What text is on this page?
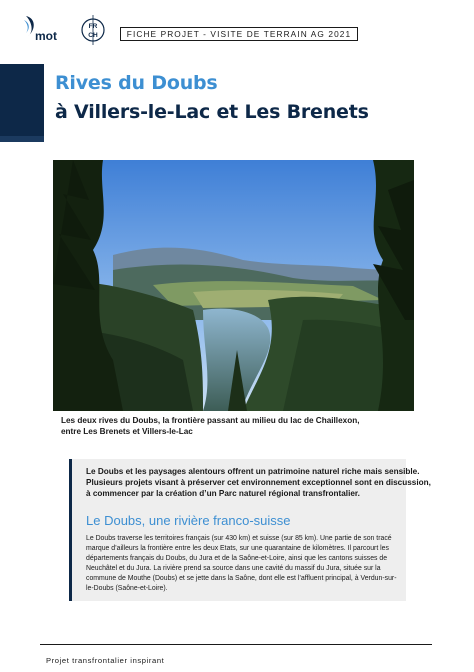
mot
FR
CH	FICHE PROJET - VISITE DE TERRAIN AG 2021
Rives du Doubs
à Villers-le-Lac et Les Brenets
Les deux rives du Doubs, la frontière passant au milieu du lac de Chaillexon,
entre Les Brenets et Villers-le-Lac
Le Doubs et les paysages alentours offrent un patrimoine naturel riche mais sensible.
Plusieurs projets visant à préserver cet environnement exceptionnel sont en discussion,
à commencer par la création d’un Parc naturel régional transfrontalier.
Le Doubs, une rivière franco-suisse
Le Doubs traverse les territoires français (sur 430 km) et suisse (sur 85 km). Une partie de son tracé
marque d’ailleurs la frontière entre les deux Etats, sur une quarantaine de kilomètres. Il parcourt les
départements français du Doubs, du Jura et de la Saône-et-Loire, ainsi que les cantons suisses de
Neuchâtel et du Jura. La rivière prend sa source dans une cavité du massif du Jura, située sur la
commune de Mouthe (Doubs) et se jette dans la Saône, dont elle est l’affluent principal, à Verdun-sur-
le-Doubs (Saône-et-Loire).
Projet transfrontalier inspirant
